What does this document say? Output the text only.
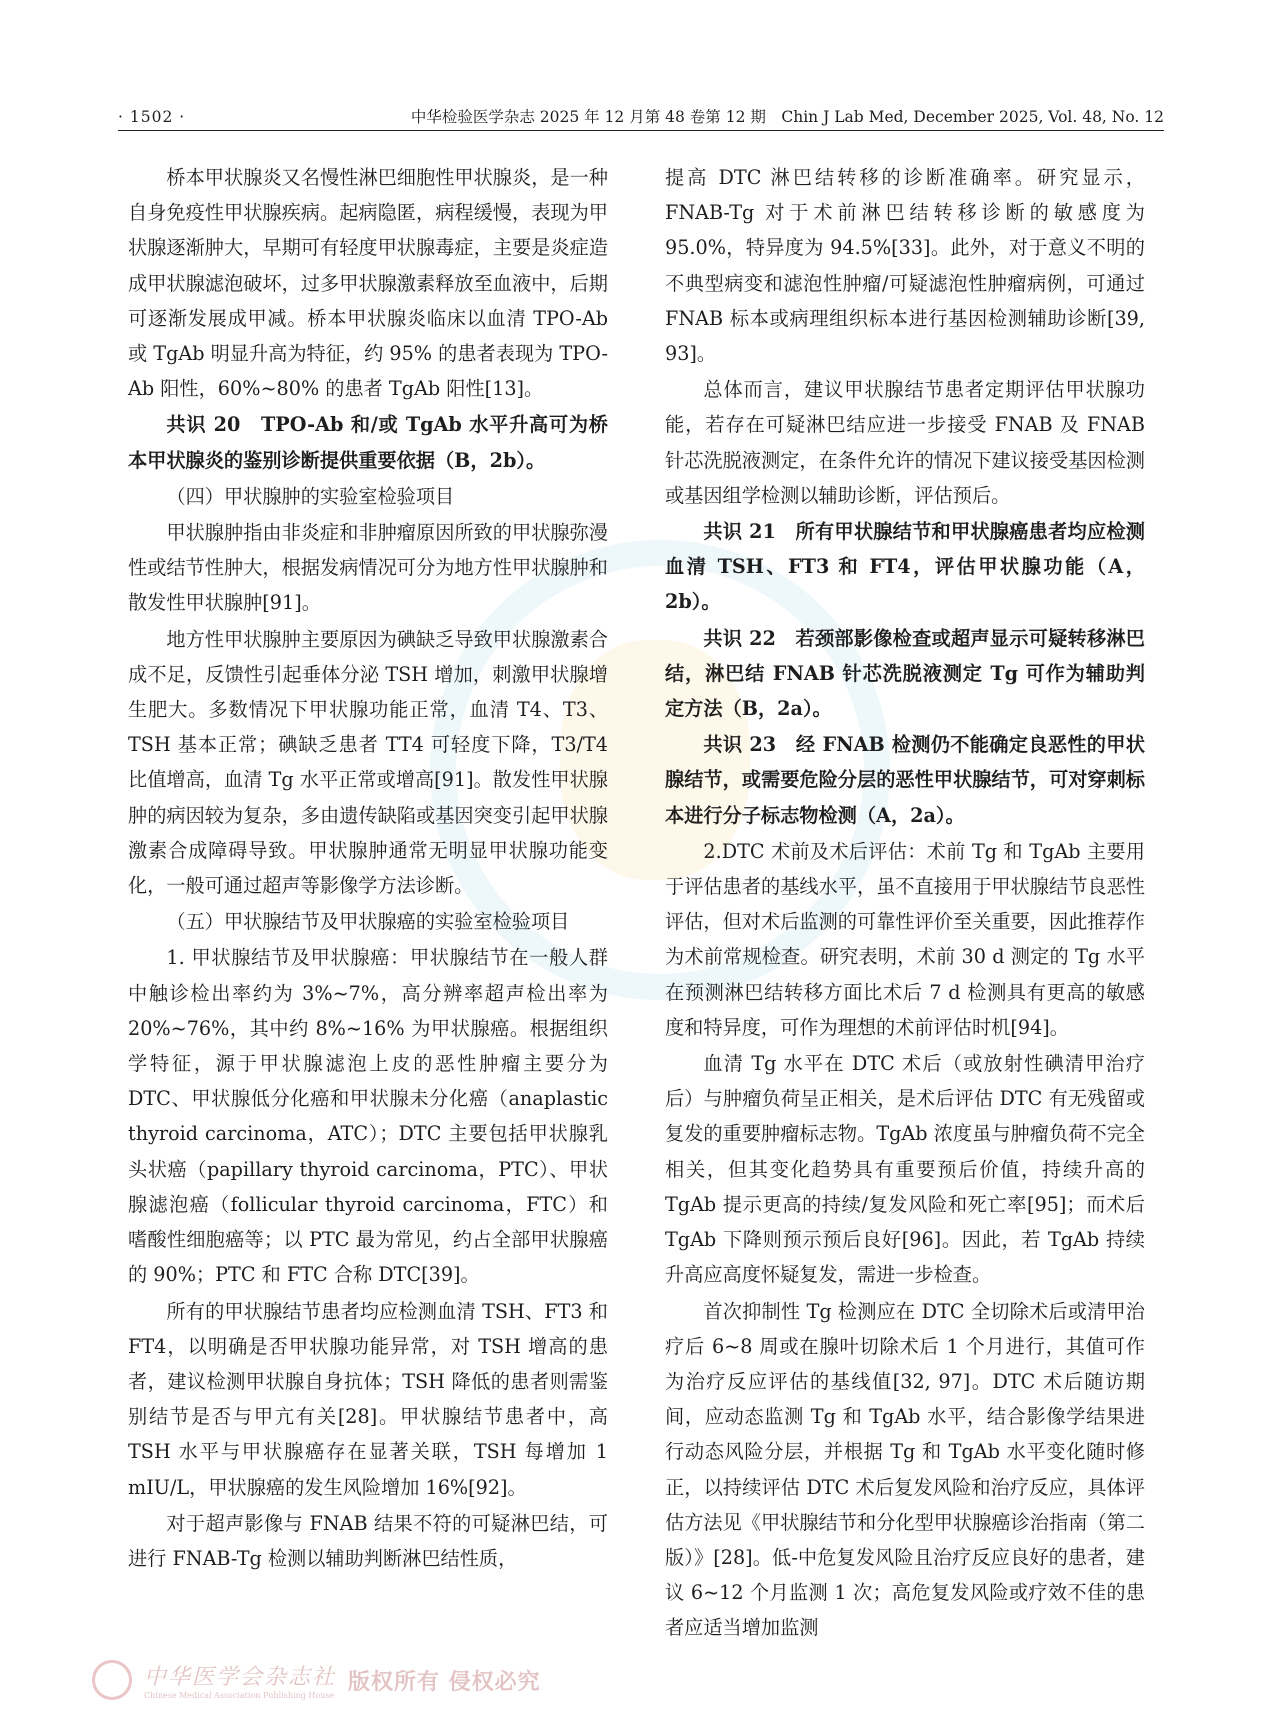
· 1502 ·	中华检验医学杂志 2025 年 12 月第 48 卷第 12 期　Chin J Lab Med, December 2025, Vol. 48, No. 12

桥本甲状腺炎又名慢性淋巴细胞性甲状腺炎，是一种自身免疫性甲状腺疾病。起病隐匿，病程缓慢，表现为甲状腺逐渐肿大，早期可有轻度甲状腺毒症，主要是炎症造成甲状腺滤泡破坏，过多甲状腺激素释放至血液中，后期可逐渐发展成甲减。桥本甲状腺炎临床以血清 TPO-Ab 或 TgAb 明显升高为特征，约 95% 的患者表现为 TPO-Ab 阳性，60%~80% 的患者 TgAb 阳性[13]。

共识 20　TPO-Ab 和/或 TgAb 水平升高可为桥本甲状腺炎的鉴别诊断提供重要依据（B，2b）。

（四）甲状腺肿的实验室检验项目

甲状腺肿指由非炎症和非肿瘤原因所致的甲状腺弥漫性或结节性肿大，根据发病情况可分为地方性甲状腺肿和散发性甲状腺肿[91]。

地方性甲状腺肿主要原因为碘缺乏导致甲状腺激素合成不足，反馈性引起垂体分泌 TSH 增加，刺激甲状腺增生肥大。多数情况下甲状腺功能正常，血清 T4、T3、TSH 基本正常；碘缺乏患者 TT4 可轻度下降，T3/T4 比值增高，血清 Tg 水平正常或增高[91]。散发性甲状腺肿的病因较为复杂，多由遗传缺陷或基因突变引起甲状腺激素合成障碍导致。甲状腺肿通常无明显甲状腺功能变化，一般可通过超声等影像学方法诊断。

（五）甲状腺结节及甲状腺癌的实验室检验项目

1. 甲状腺结节及甲状腺癌：甲状腺结节在一般人群中触诊检出率约为 3%~7%，高分辨率超声检出率为 20%~76%，其中约 8%~16% 为甲状腺癌。根据组织学特征，源于甲状腺滤泡上皮的恶性肿瘤主要分为 DTC、甲状腺低分化癌和甲状腺未分化癌（anaplastic thyroid carcinoma，ATC）；DTC 主要包括甲状腺乳头状癌（papillary thyroid carcinoma，PTC）、甲状腺滤泡癌（follicular thyroid carcinoma，FTC）和嗜酸性细胞癌等；以 PTC 最为常见，约占全部甲状腺癌的 90%；PTC 和 FTC 合称 DTC[39]。

所有的甲状腺结节患者均应检测血清 TSH、FT3 和 FT4，以明确是否甲状腺功能异常，对 TSH 增高的患者，建议检测甲状腺自身抗体；TSH 降低的患者则需鉴别结节是否与甲亢有关[28]。甲状腺结节患者中，高 TSH 水平与甲状腺癌存在显著关联，TSH 每增加 1 mIU/L，甲状腺癌的发生风险增加 16%[92]。

对于超声影像与 FNAB 结果不符的可疑淋巴结，可进行 FNAB-Tg 检测以辅助判断淋巴结性质，

提高 DTC 淋巴结转移的诊断准确率。研究显示，FNAB-Tg 对于术前淋巴结转移诊断的敏感度为 95.0%，特异度为 94.5%[33]。此外，对于意义不明的不典型病变和滤泡性肿瘤/可疑滤泡性肿瘤病例，可通过 FNAB 标本或病理组织标本进行基因检测辅助诊断[39, 93]。

总体而言，建议甲状腺结节患者定期评估甲状腺功能，若存在可疑淋巴结应进一步接受 FNAB 及 FNAB 针芯洗脱液测定，在条件允许的情况下建议接受基因检测或基因组学检测以辅助诊断，评估预后。

共识 21　所有甲状腺结节和甲状腺癌患者均应检测血清 TSH、FT3 和 FT4，评估甲状腺功能（A，2b）。

共识 22　若颈部影像检查或超声显示可疑转移淋巴结，淋巴结 FNAB 针芯洗脱液测定 Tg 可作为辅助判定方法（B，2a）。

共识 23　经 FNAB 检测仍不能确定良恶性的甲状腺结节，或需要危险分层的恶性甲状腺结节，可对穿刺标本进行分子标志物检测（A，2a）。

2.DTC 术前及术后评估：术前 Tg 和 TgAb 主要用于评估患者的基线水平，虽不直接用于甲状腺结节良恶性评估，但对术后监测的可靠性评价至关重要，因此推荐作为术前常规检查。研究表明，术前 30 d 测定的 Tg 水平在预测淋巴结转移方面比术后 7 d 检测具有更高的敏感度和特异度，可作为理想的术前评估时机[94]。

血清 Tg 水平在 DTC 术后（或放射性碘清甲治疗后）与肿瘤负荷呈正相关，是术后评估 DTC 有无残留或复发的重要肿瘤标志物。TgAb 浓度虽与肿瘤负荷不完全相关，但其变化趋势具有重要预后价值，持续升高的 TgAb 提示更高的持续/复发风险和死亡率[95]；而术后 TgAb 下降则预示预后良好[96]。因此，若 TgAb 持续升高应高度怀疑复发，需进一步检查。

首次抑制性 Tg 检测应在 DTC 全切除术后或清甲治疗后 6~8 周或在腺叶切除术后 1 个月进行，其值可作为治疗反应评估的基线值[32, 97]。DTC 术后随访期间，应动态监测 Tg 和 TgAb 水平，结合影像学结果进行动态风险分层，并根据 Tg 和 TgAb 水平变化随时修正，以持续评估 DTC 术后复发风险和治疗反应，具体评估方法见《甲状腺结节和分化型甲状腺癌诊治指南（第二版）》[28]。低-中危复发风险且治疗反应良好的患者，建议 6~12 个月监测 1 次；高危复发风险或疗效不佳的患者应适当增加监测

中华医学会杂志社
Chinese Medical Association Publishing House
版权所有 侵权必究
